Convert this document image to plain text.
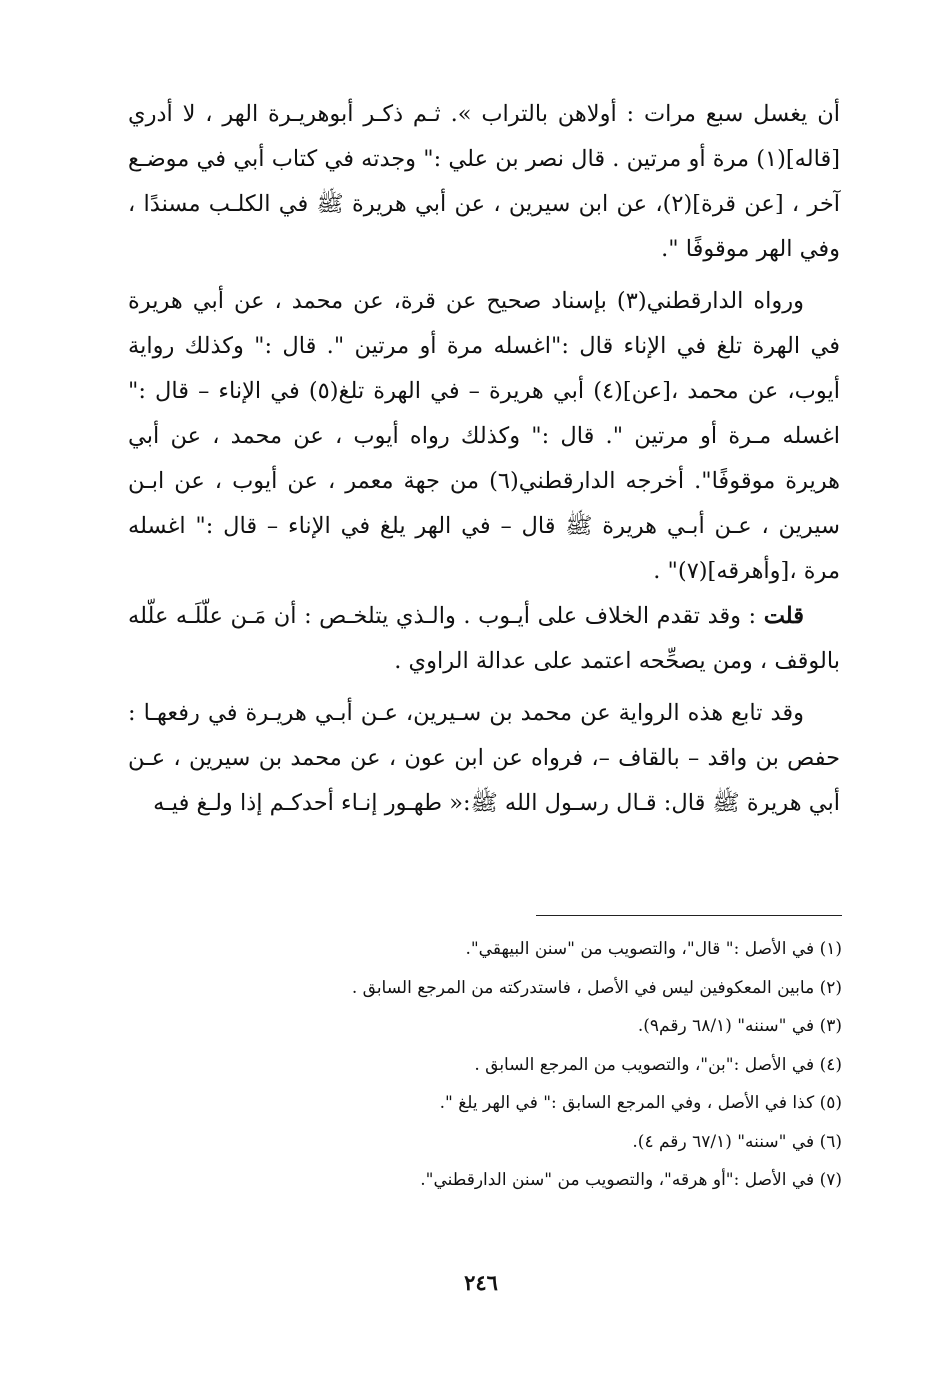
أن يغسل سبع مرات : أولاهن بالتراب ». ثـم ذكـر أبوهريـرة الهر ، لا أدري [قاله](١) مرة أو مرتين . قال نصر بن علي :" وجدته في كتاب أبي في موضـع آخر ، [عن قرة](٢)، عن ابن سيرين ، عن أبي هريرة ﷺ في الكلـب مسندًا ، وفي الهر موقوفًا ".

ورواه الدارقطني(٣) بإسناد صحيح عن قرة، عن محمد ، عن أبي هريرة في الهرة تلغ في الإناء قال :"اغسله مرة أو مرتين ". قال :" وكذلك رواية أيوب، عن محمد ،[عن](٤) أبي هريرة – في الهرة تلغ(٥) في الإناء – قال :" اغسله مـرة أو مرتين ". قال :" وكذلك رواه أيوب ، عن محمد ، عن أبي هريرة موقوفًا". أخرجه الدارقطني(٦) من جهة معمر ، عن أيوب ، عن ابـن سيرين ، عـن أبـي هريرة ﷺ قال – في الهر يلغ في الإناء – قال :" اغسله مرة ،[وأهرقه](٧)" .

قلت : وقد تقدم الخلاف على أيـوب . والـذي يتلخـص : أن مَـن علّلَـه علّله بالوقف ، ومن يصحِّحه اعتمد على عدالة الراوي .

وقد تابع هذه الرواية عن محمد بن سـيرين، عـن أبـي هريـرة في رفعهـا : حفص بن واقد – بالقاف –، فرواه عن ابن عون ، عن محمد بن سيرين ، عـن أبي هريرة ﷺ قال: قـال رسـول الله ﷺ:« طهـور إنـاء أحدكـم إذا ولـغ فيـه

(١) في الأصل :" قال"، والتصويب من "سنن البيهقي".

(٢) مابين المعكوفين ليس في الأصل ، فاستدركته من المرجع السابق .

(٣) في "سننه" (٦٨/١ رقم٩).

(٤) في الأصل :"بن"، والتصويب من المرجع السابق .

(٥) كذا في الأصل ، وفي المرجع السابق :" في الهر يلغ ".

(٦) في "سننه" (٦٧/١ رقم ٤).

(٧) في الأصل :"أو هرقه"، والتصويب من "سنن الدارقطني".

٢٤٦
